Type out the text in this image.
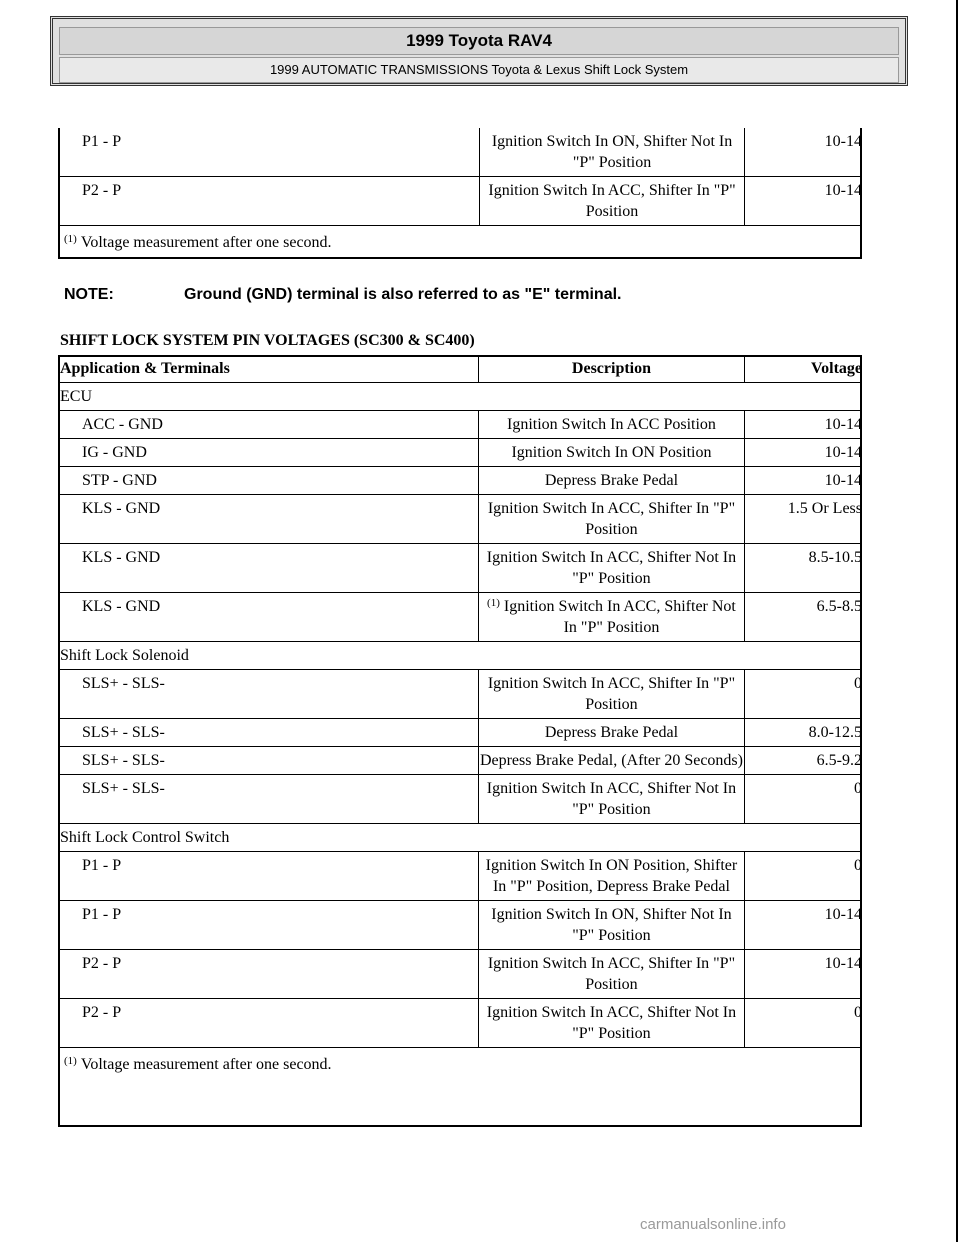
1999 Toyota RAV4
1999 AUTOMATIC TRANSMISSIONS Toyota & Lexus Shift Lock System
P1 - P	Ignition Switch In ON, Shifter Not In "P" Position	10-14
P2 - P	Ignition Switch In ACC, Shifter In "P" Position	10-14
$^{(1)}$ Voltage measurement after one second.		
NOTE:	Ground (GND) terminal is also referred to as "E" terminal.
SHIFT LOCK SYSTEM PIN VOLTAGES (SC300 & SC400)
Application & Terminals	Description	Voltage
ECU		
ACC - GND	Ignition Switch In ACC Position	10-14
IG - GND	Ignition Switch In ON Position	10-14
STP - GND	Depress Brake Pedal	10-14
KLS - GND	Ignition Switch In ACC, Shifter In "P" Position	1.5 Or Less
KLS - GND	Ignition Switch In ACC, Shifter Not In "P" Position	8.5-10.5
KLS - GND	$^{(1)}$ Ignition Switch In ACC, Shifter Not In "P" Position	6.5-8.5
Shift Lock Solenoid		
SLS+ - SLS-	Ignition Switch In ACC, Shifter In "P" Position	0
SLS+ - SLS-	Depress Brake Pedal	8.0-12.5
SLS+ - SLS-	Depress Brake Pedal, (After 20 Seconds)	6.5-9.2
SLS+ - SLS-	Ignition Switch In ACC, Shifter Not In "P" Position	0
Shift Lock Control Switch		
P1 - P	Ignition Switch In ON Position, Shifter In "P" Position, Depress Brake Pedal	0
P1 - P	Ignition Switch In ON, Shifter Not In "P" Position	10-14
P2 - P	Ignition Switch In ACC, Shifter In "P" Position	10-14
P2 - P	Ignition Switch In ACC, Shifter Not In "P" Position	0
$^{(1)}$ Voltage measurement after one second.		
carmanualsonline.info
